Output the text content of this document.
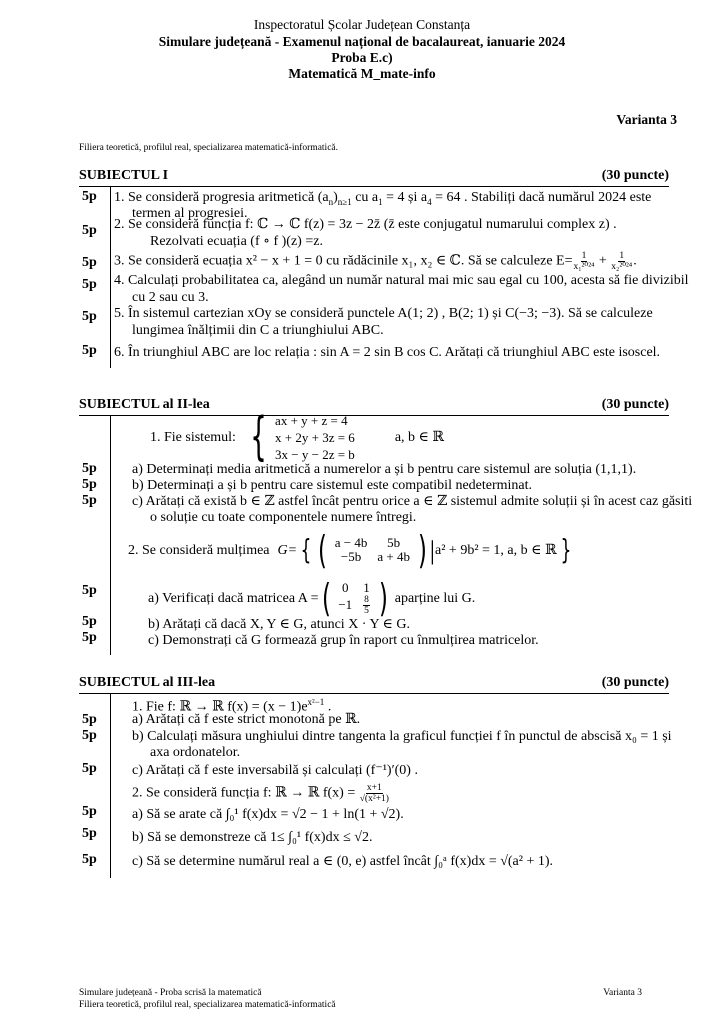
Inspectoratul Școlar Județean Constanța
Simulare județeană - Examenul național de bacalaureat, ianuarie 2024
Proba E.c)
Matematică M_mate-info
Varianta 3
Filiera teoretică, profilul real, specializarea matematică-informatică.
SUBIECTUL I	(30 puncte)
5p 1. Se consideră progresia aritmetică $(a_n)_{n\ge 1}$ cu $a_1 = 4$ și $a_4 = 64$ . Stabiliți dacă numărul 2024 este
termen al progresiei.
5p 2. Se consideră funcția f: ℂ → ℂ f(z) = 3z − 2z̄ (z̄ este conjugatul numarului complex z) .
Rezolvati ecuația (f ∘ f )(z) =z.
5p 3. Se consideră ecuația x² − x + 1 = 0 cu rădăcinile x₁, x₂ ∈ ℂ. Să se calculeze $E= \frac{1}{\text{x₁²⁰²⁴}} + \frac{1}{\text{x₂²⁰²⁴}}$ .
5p 4. Calculați probabilitatea ca, alegând un număr natural mai mic sau egal cu 100, acesta să fie divizibil
cu 2 sau cu 3.
5p 5. În sistemul cartezian xOy se consideră punctele A(1; 2) , B(2; 1) și C(−3; −3). Să se calculeze
lungimea înălțimii din C a triunghiului ABC.
5p 6. În triunghiul ABC are loc relația : sin A = 2 sin B cos C. Arătați că triunghiul ABC este isoscel.
SUBIECTUL al II-lea	(30 puncte)
1. Fie sistemul: { ax + y + z = 4
x + 2y + 3z = 6
3x − y − 2z = b
a, b ∈ ℝ
5p	a) Determinați media aritmetică a numerelor a și b pentru care sistemul are soluția (1,1,1).
5p	b) Determinați a și b pentru care sistemul este compatibil nedeterminat.
5p	c) Arătați că există b ∈ ℤ astfel încât pentru orice a ∈ ℤ sistemul admite soluții și în acest caz găsiti
o soluție cu toate componentele numere întregi.
2. Se consideră mulțimea G= { ( a − 4b	5b
−5b	a + 4b ) | a² + 9b² = 1, a, b ∈ ℝ }
5p	a) Verificați dacă matricea A = ( 0	1
−1	$\frac{8}{5}$ ) aparține lui G.
5p	b) Arătați că dacă X, Y ∈ G, atunci X · Y ∈ G.
5p	c) Demonstrați că G formează grup în raport cu înmulțirea matricelor.
SUBIECTUL al III-lea	(30 puncte)
1. Fie f: ℝ → ℝ $f(x) = (x - 1)e^{x^2-1}$ .
5p	a) Arătați că f este strict monotonă pe ℝ.
5p	b) Calculați măsura unghiului dintre tangenta la graficul funcției f în punctul de abscisă x₀ = 1 și
axa ordonatelor.
5p	c) Arătați că f este inversabilă și calculați (f⁻¹)′(0) .
2. Se consideră funcția f: ℝ → ℝ $f(x) = \frac{x+1}{\text{√(x²+1)}}$
5p	a) Să se arate că ∫₀¹ f(x)dx = √2 − 1 + ln(1 + √2).
5p	b) Să se demonstreze că 1≤ ∫₀¹ f(x)dx ≤ √2.
5p	c) Să se determine numărul real a ∈ (0, e) astfel încât ∫₀ᵃ f(x)dx = √(a² + 1).
Simulare județeană - Proba scrisă la matematică
Filiera teoretică, profilul real, specializarea matematică-informatică
Varianta 3
